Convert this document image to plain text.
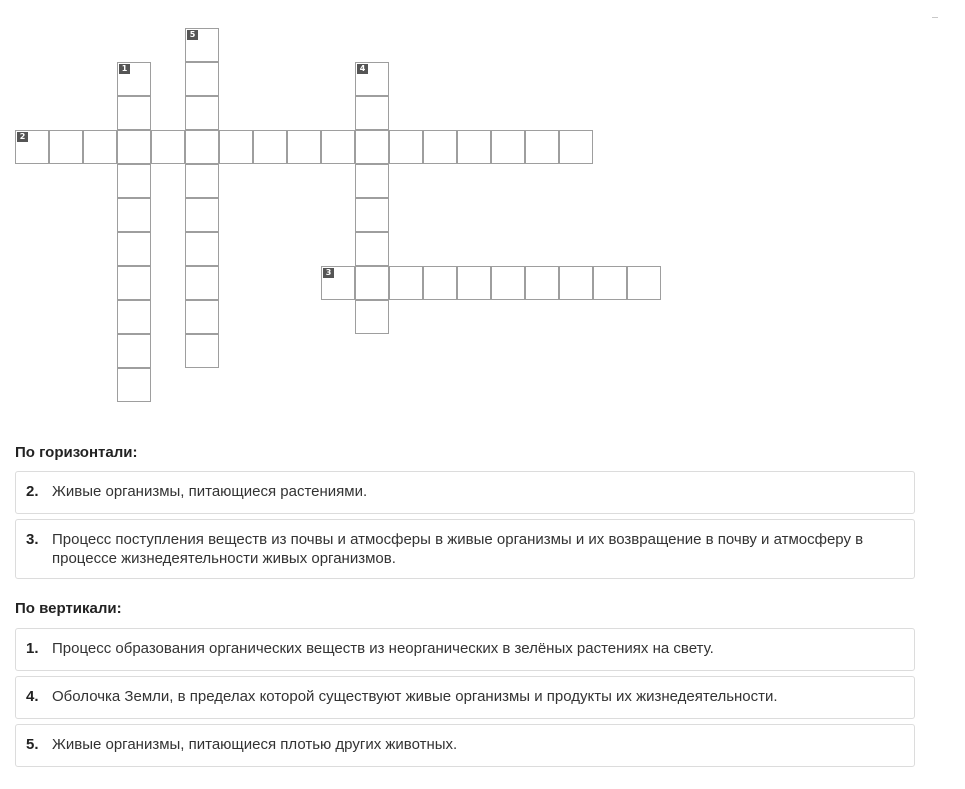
1
2
3
4
5
По горизонтали:
2. Живые организмы, питающиеся растениями.
3. Процесс поступления веществ из почвы и атмосферы в живые организмы и их возвращение в почву и атмосферу в процессе жизнедеятельности живых организмов.
По вертикали:
1. Процесс образования органических веществ из неорганических в зелёных растениях на свету.
4. Оболочка Земли, в пределах которой существуют живые организмы и продукты их жизнедеятельности.
5. Живые организмы, питающиеся плотью других животных.
